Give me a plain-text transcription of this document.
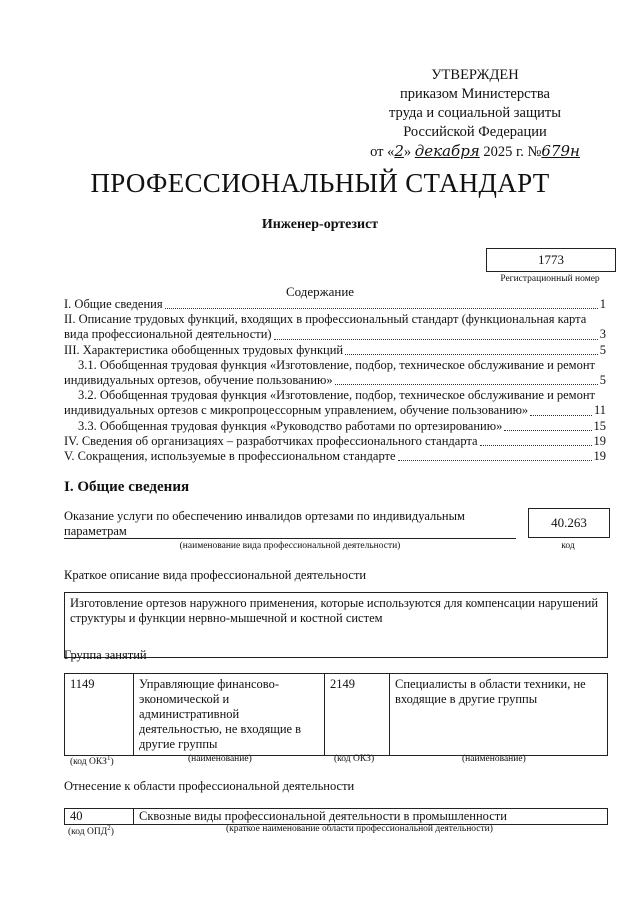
УТВЕРЖДЕН
приказом Министерства
труда и социальной защиты
Российской Федерации
от «2» декабря 2025 г. №679н
ПРОФЕССИОНАЛЬНЫЙ СТАНДАРТ
Инженер-ортезист
1773
Регистрационный номер
Содержание
I. Общие сведения	1
II. Описание трудовых функций, входящих в профессиональный стандарт (функциональная карта
вида профессиональной деятельности)	3
III. Характеристика обобщенных трудовых функций	5
3.1. Обобщенная трудовая функция «Изготовление, подбор, техническое обслуживание и ремонт
индивидуальных ортезов, обучение пользованию»	5
3.2. Обобщенная трудовая функция «Изготовление, подбор, техническое обслуживание и ремонт
индивидуальных ортезов с микропроцессорным управлением, обучение пользованию»	11
3.3. Обобщенная трудовая функция «Руководство работами по ортезированию»	15
IV. Сведения об организациях – разработчиках профессионального стандарта	19
V. Сокращения, используемые в профессиональном стандарте	19
I. Общие сведения
Оказание услуги по обеспечению инвалидов ортезами по индивидуальным параметрам
(наименование вида профессиональной деятельности)
40.263
код
Краткое описание вида профессиональной деятельности
Изготовление ортезов наружного применения, которые используются для компенсации нарушений структуры и функции нервно-мышечной и костной систем
Группа занятий
1149	Управляющие финансово-экономической и административной деятельностью, не входящие в другие группы	2149	Специалисты в области техники, не входящие в другие группы
(код ОКЗ$^1$)	(наименование)	(код ОКЗ)	(наименование)
Отнесение к области профессиональной деятельности
40	Сквозные виды профессиональной деятельности в промышленности
(код ОПД$^2$)	(краткое наименование области профессиональной деятельности)
